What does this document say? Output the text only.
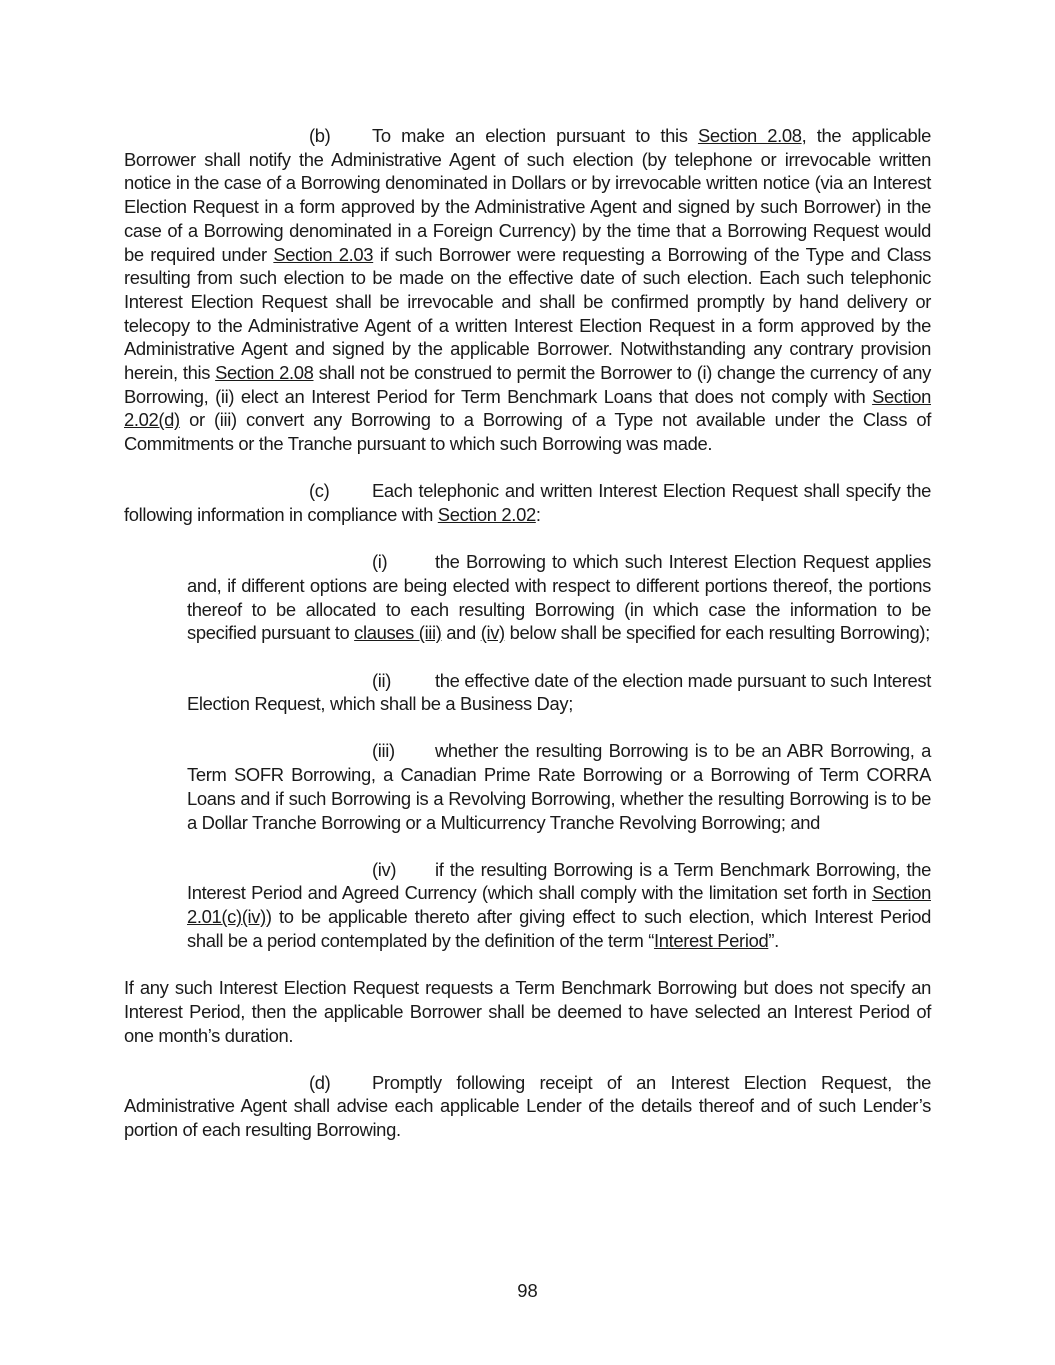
(b) To make an election pursuant to this Section 2.08, the applicable Borrower shall notify the Administrative Agent of such election (by telephone or irrevocable written notice in the case of a Borrowing denominated in Dollars or by irrevocable written notice (via an Interest Election Request in a form approved by the Administrative Agent and signed by such Borrower) in the case of a Borrowing denominated in a Foreign Currency) by the time that a Borrowing Request would be required under Section 2.03 if such Borrower were requesting a Borrowing of the Type and Class resulting from such election to be made on the effective date of such election. Each such telephonic Interest Election Request shall be irrevocable and shall be confirmed promptly by hand delivery or telecopy to the Administrative Agent of a written Interest Election Request in a form approved by the Administrative Agent and signed by the applicable Borrower. Notwithstanding any contrary provision herein, this Section 2.08 shall not be construed to permit the Borrower to (i) change the currency of any Borrowing, (ii) elect an Interest Period for Term Benchmark Loans that does not comply with Section 2.02(d) or (iii) convert any Borrowing to a Borrowing of a Type not available under the Class of Commitments or the Tranche pursuant to which such Borrowing was made.

(c) Each telephonic and written Interest Election Request shall specify the following information in compliance with Section 2.02:

(i)	the Borrowing to which such Interest Election Request applies and, if different options are being elected with respect to different portions thereof, the portions thereof to be allocated to each resulting Borrowing (in which case the information to be specified pursuant to clauses (iii) and (iv) below shall be specified for each resulting Borrowing);

(ii) the effective date of the election made pursuant to such Interest Election Request, which shall be a Business Day;

(iii) whether the resulting Borrowing is to be an ABR Borrowing, a Term SOFR Borrowing, a Canadian Prime Rate Borrowing or a Borrowing of Term CORRA Loans and if such Borrowing is a Revolving Borrowing, whether the resulting Borrowing is to be a Dollar Tranche Borrowing or a Multicurrency Tranche Revolving Borrowing; and

(iv) if the resulting Borrowing is a Term Benchmark Borrowing, the Interest Period and Agreed Currency (which shall comply with the limitation set forth in Section 2.01(c)(iv)) to be applicable thereto after giving effect to such election, which Interest Period shall be a period contemplated by the definition of the term “Interest Period”.

If any such Interest Election Request requests a Term Benchmark Borrowing but does not specify an Interest Period, then the applicable Borrower shall be deemed to have selected an Interest Period of one month’s duration.

(d) Promptly following receipt of an Interest Election Request, the Administrative Agent shall advise each applicable Lender of the details thereof and of such Lender’s portion of each resulting Borrowing.

98
